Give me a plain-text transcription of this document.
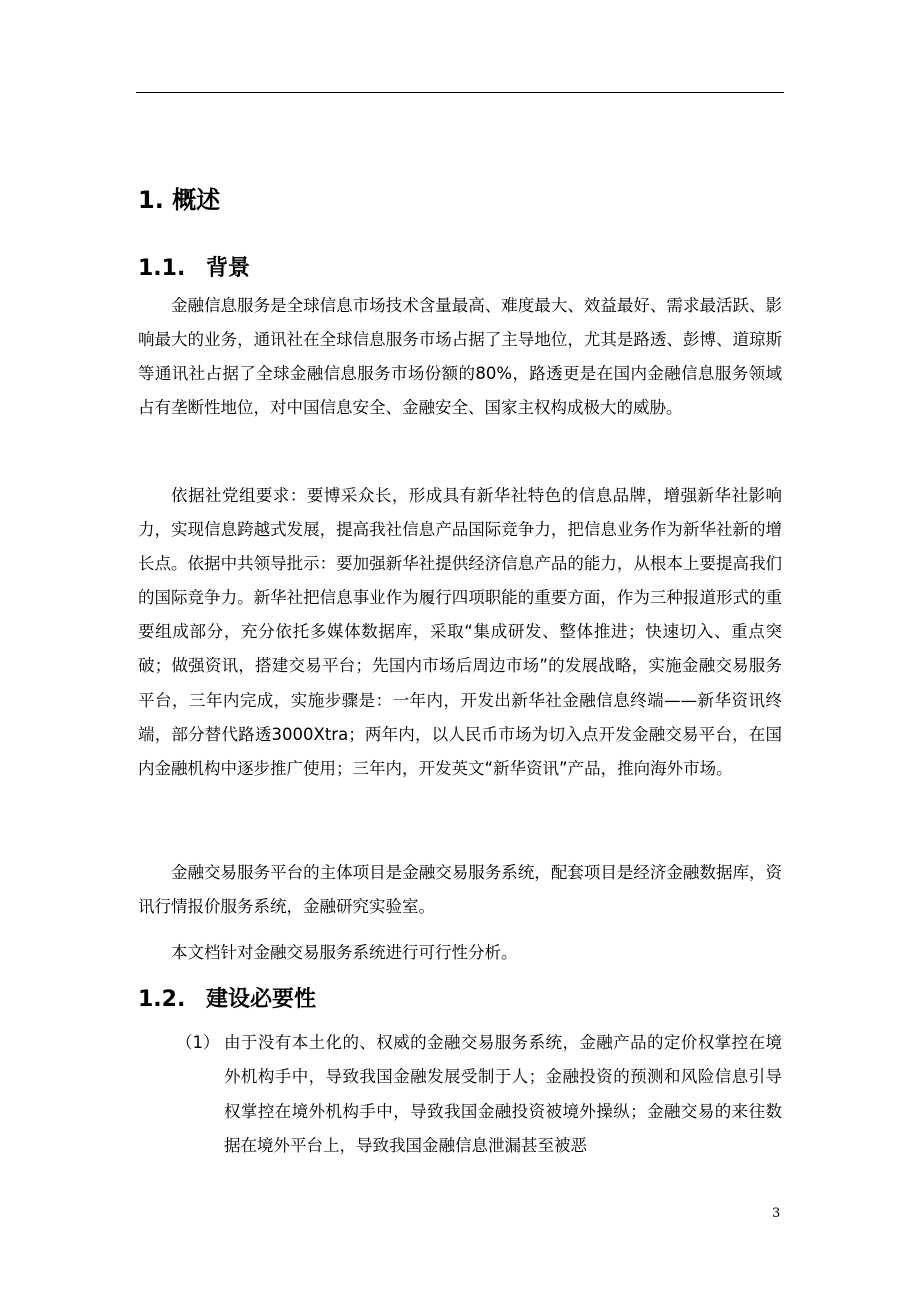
1. 概述
1.1. 背景

金融信息服务是全球信息市场技术含量最高、难度最大、效益最好、需求最活跃、影响最大的业务，通讯社在全球信息服务市场占据了主导地位，尤其是路透、彭博、道琼斯等通讯社占据了全球金融信息服务市场份额的80%，路透更是在国内金融信息服务领域占有垄断性地位，对中国信息安全、金融安全、国家主权构成极大的威胁。

依据社党组要求：要博采众长，形成具有新华社特色的信息品牌，增强新华社影响力，实现信息跨越式发展，提高我社信息产品国际竞争力，把信息业务作为新华社新的增长点。依据中共领导批示：要加强新华社提供经济信息产品的能力，从根本上要提高我们的国际竞争力。新华社把信息事业作为履行四项职能的重要方面，作为三种报道形式的重要组成部分，充分依托多媒体数据库，采取“集成研发、整体推进；快速切入、重点突破；做强资讯，搭建交易平台；先国内市场后周边市场”的发展战略，实施金融交易服务平台，三年内完成，实施步骤是：一年内，开发出新华社金融信息终端——新华资讯终端，部分替代路透3000Xtra；两年内，以人民币市场为切入点开发金融交易平台，在国内金融机构中逐步推广使用；三年内，开发英文“新华资讯”产品，推向海外市场。

金融交易服务平台的主体项目是金融交易服务系统，配套项目是经济金融数据库，资讯行情报价服务系统，金融研究实验室。

本文档针对金融交易服务系统进行可行性分析。

1.2. 建设必要性
（1） 由于没有本土化的、权威的金融交易服务系统，金融产品的定价权掌控在境外机构手中，导致我国金融发展受制于人；金融投资的预测和风险信息引导权掌控在境外机构手中，导致我国金融投资被境外操纵；金融交易的来往数据在境外平台上，导致我国金融信息泄漏甚至被恶
3
